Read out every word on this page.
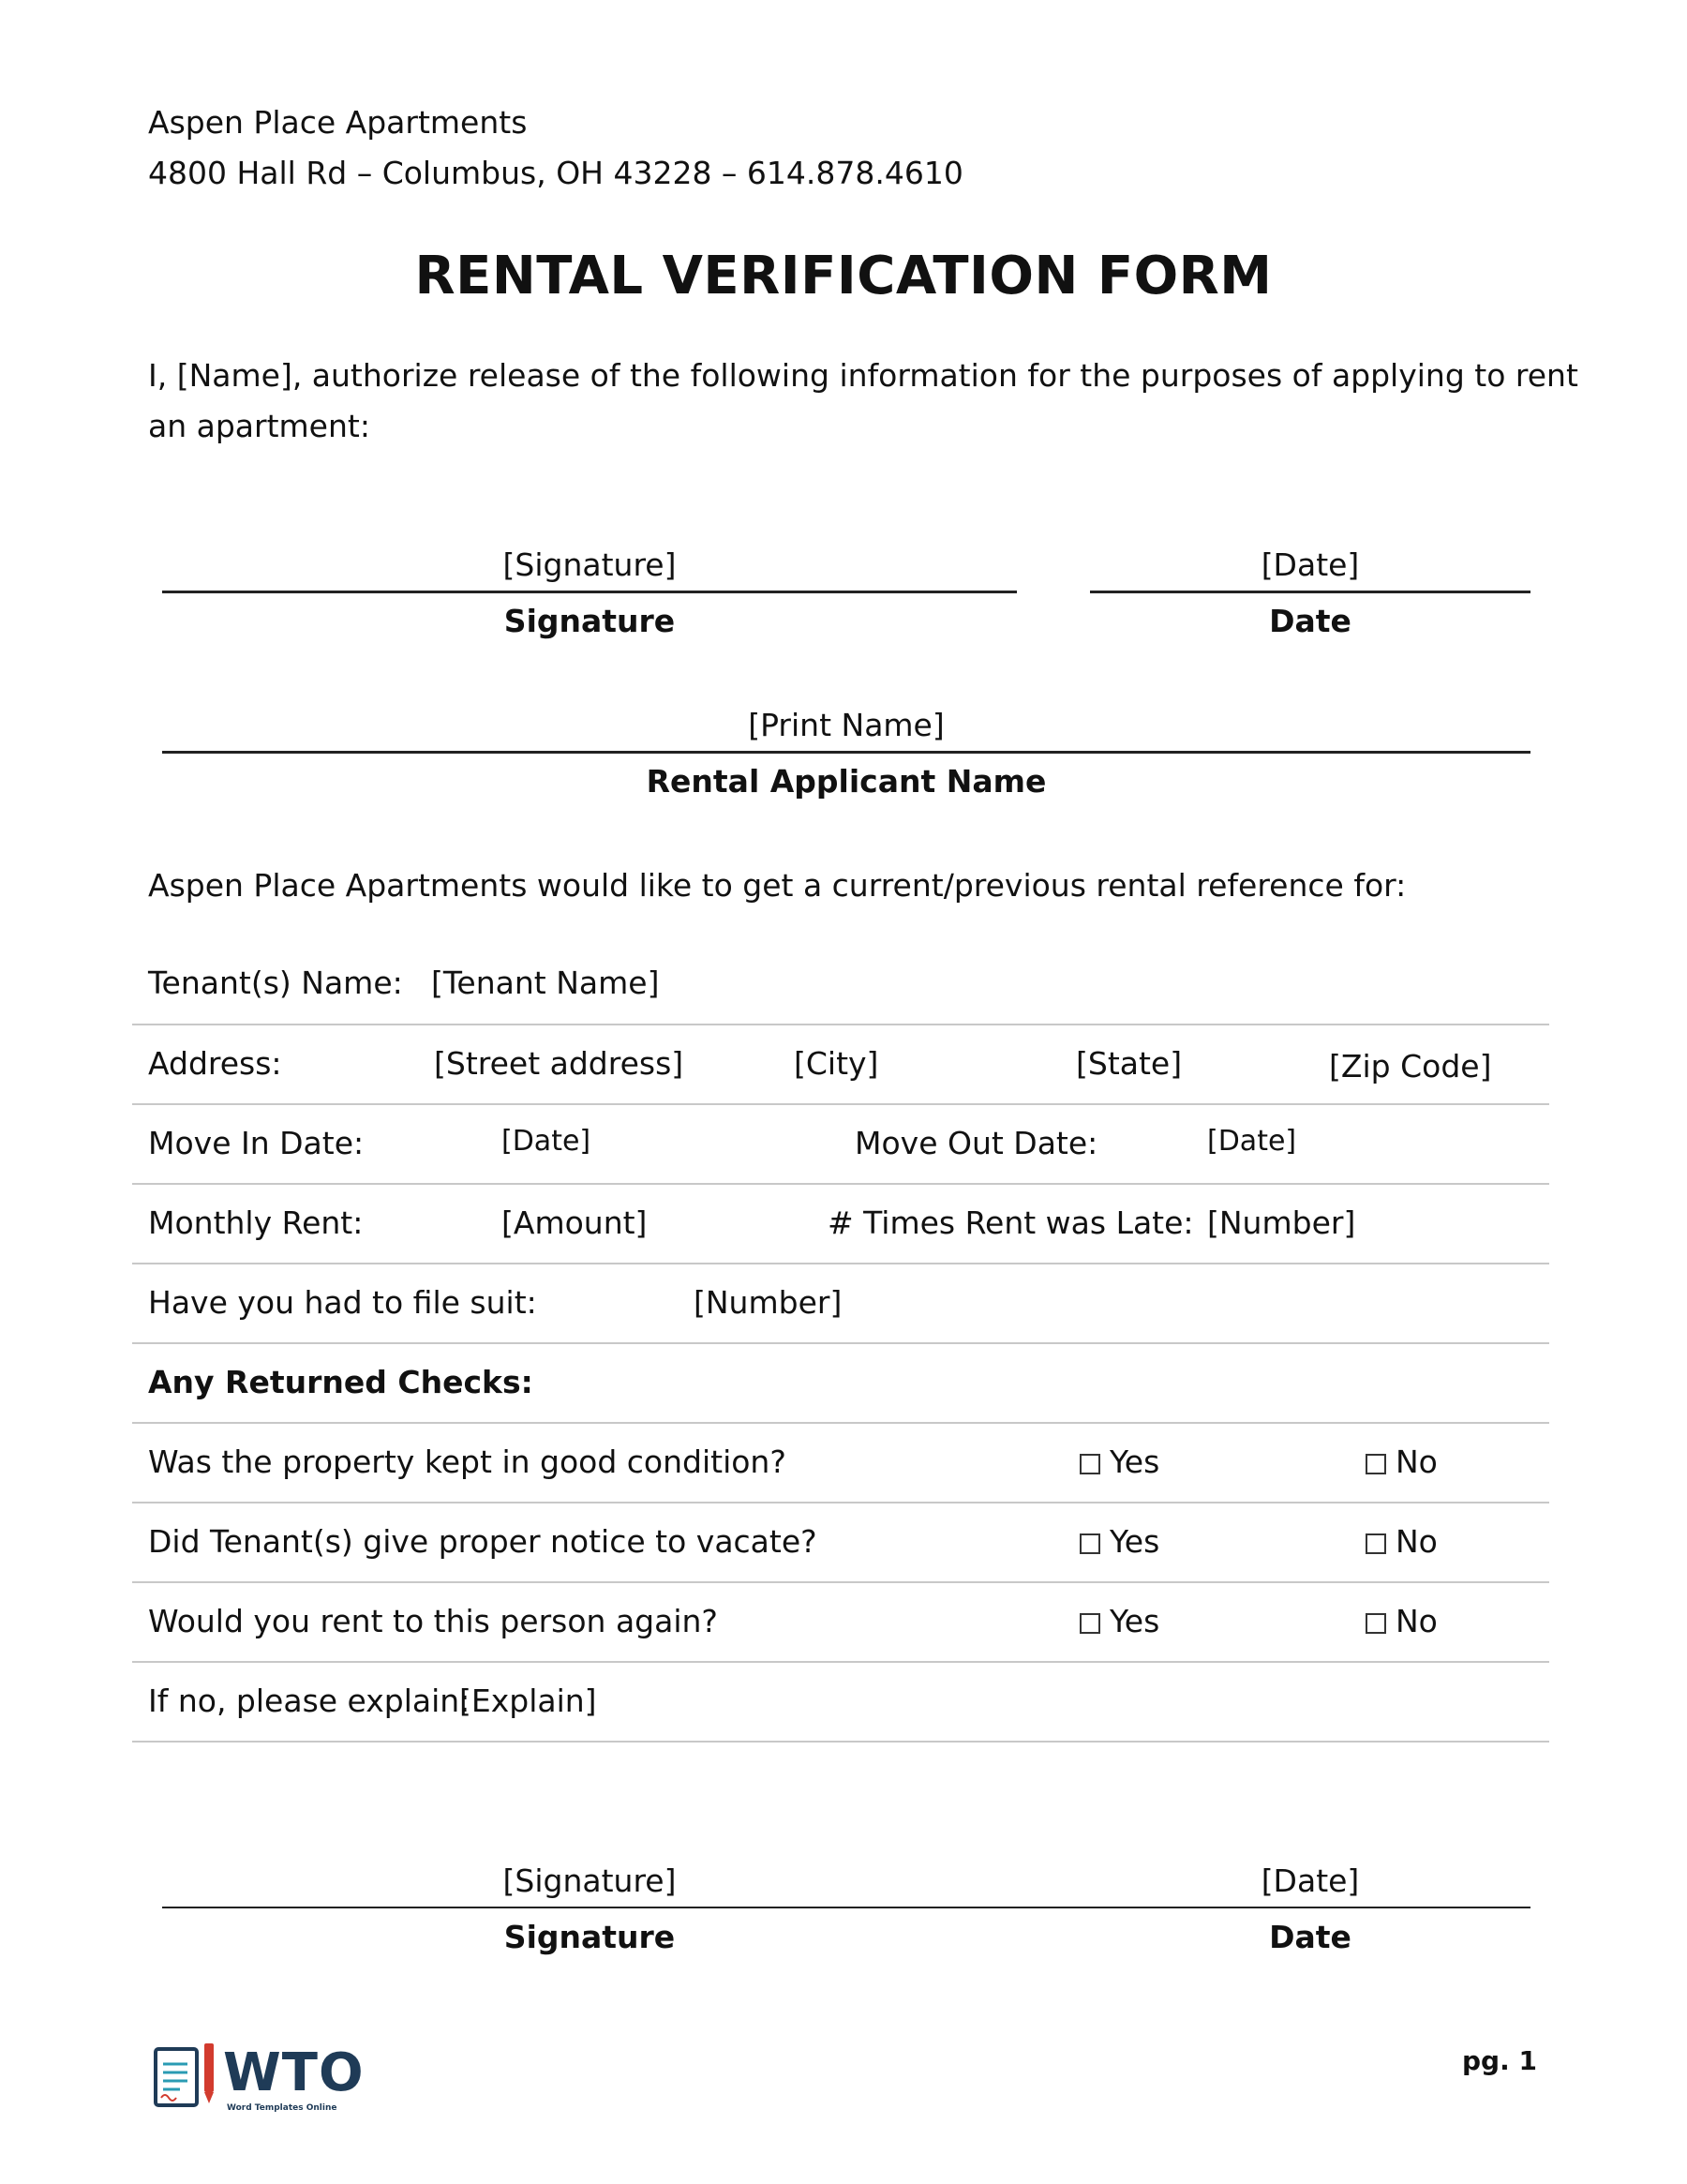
Aspen Place Apartments
4800 Hall Rd – Columbus, OH 43228 – 614.878.4610
RENTAL VERIFICATION FORM
I, [Name], authorize release of the following information for the purposes of applying to rent
an apartment:
[Signature]
Signature
[Date]
Date
[Print Name]
Rental Applicant Name
Aspen Place Apartments would like to get a current/previous rental reference for:
Tenant(s) Name: [Tenant Name]
Address:	[Street address]	[City]	[State]	[Zip Code]
Move In Date:	[Date]	Move Out Date:	[Date]
Monthly Rent:	[Amount]	# Times Rent was Late: [Number]
Have you had to file suit:	[Number]
Any Returned Checks:
Was the property kept in good condition?	Yes	No
Did Tenant(s) give proper notice to vacate?	Yes	No
Would you rent to this person again?	Yes	No
If no, please explain:
[Explain]
[Signature]	[Date]
Signature	Date
WTO
Word Templates Online
pg. 1
